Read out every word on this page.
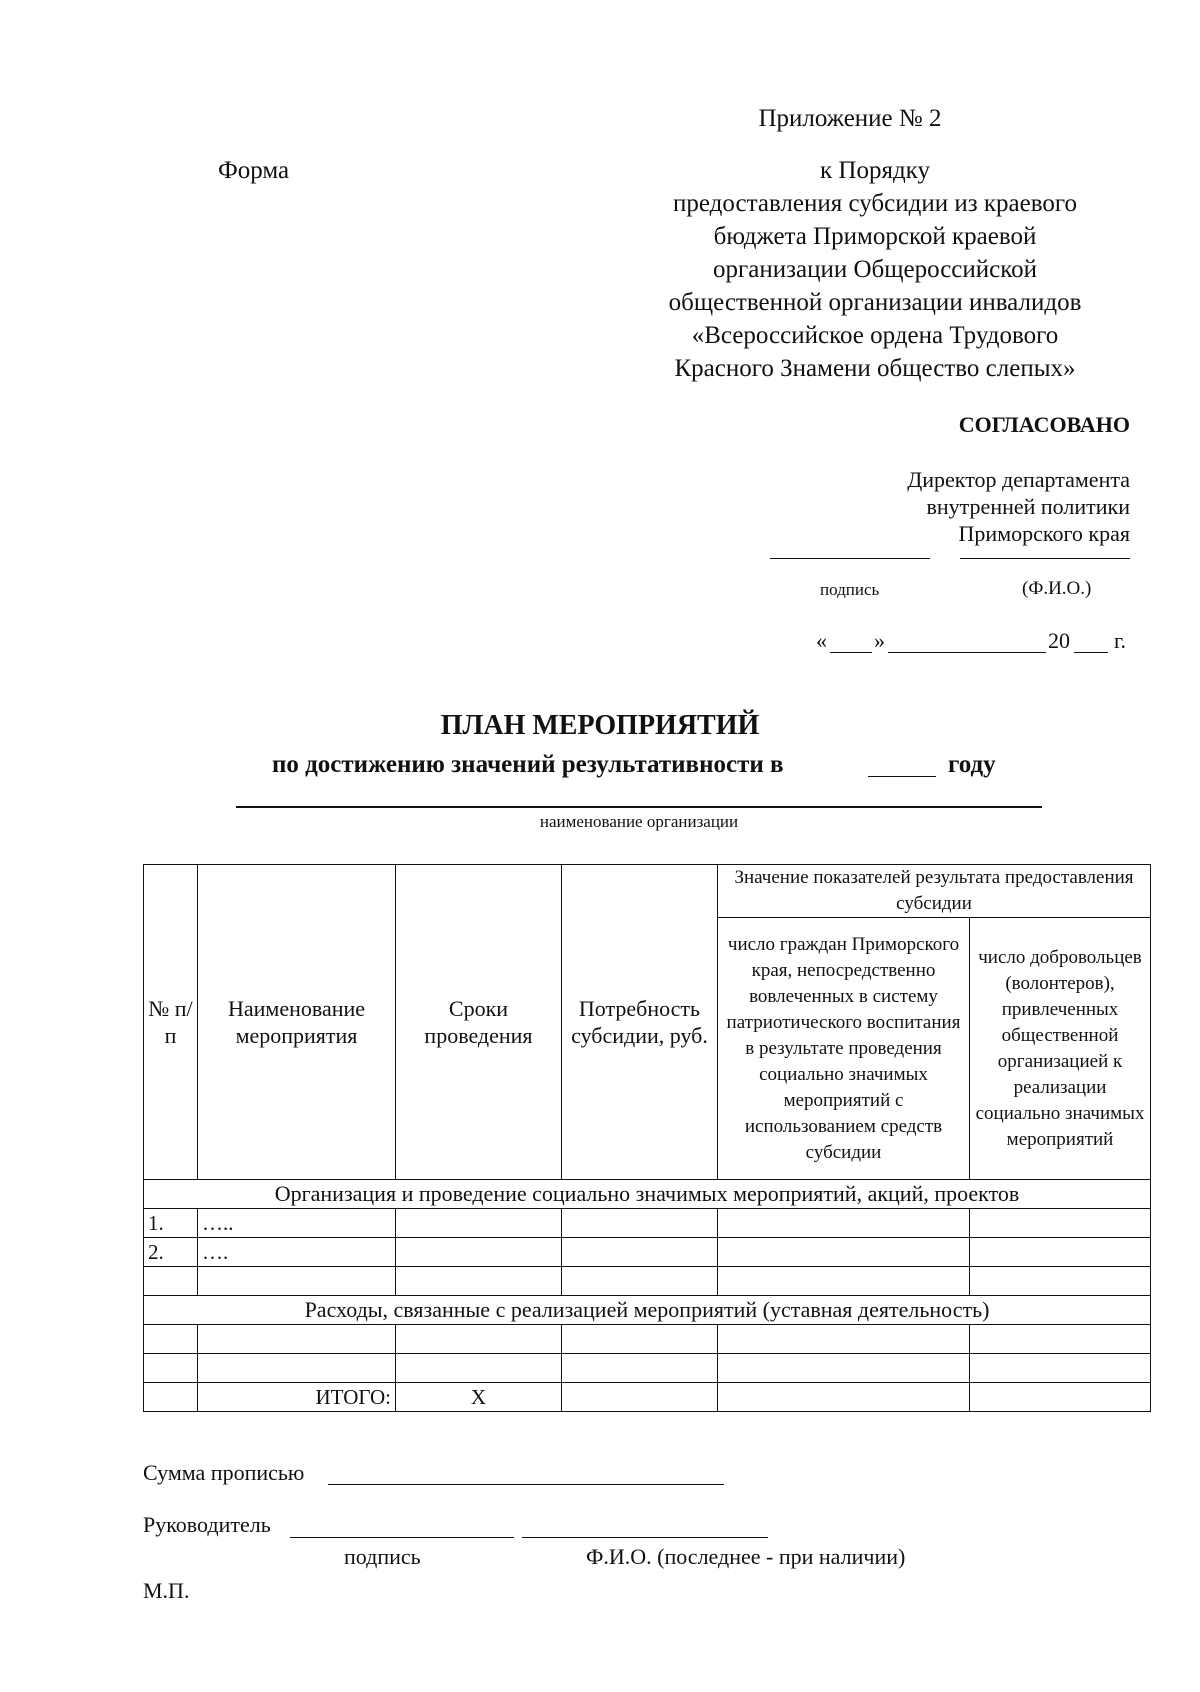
Приложение № 2
Форма	к Порядку
предоставления субсидии из краевого
бюджета Приморской краевой
организации Общероссийской
общественной организации инвалидов
«Всероссийское ордена Трудового
Красного Знамени общество слепых»
СОГЛАСОВАНО
Директор департамента
внутренней политики
Приморского края
подпись	(Ф.И.О.)
« »	20 г.
ПЛАН МЕРОПРИЯТИЙ
по достижению значений результативности в	году
наименование организации
№ п/п	Наименование мероприятия	Сроки проведения	Потребность субсидии, руб.	Значение показателей результата предоставления субсидии	
				число граждан Приморского края, непосредственно вовлеченных в систему патриотического воспитания в результате проведения социально значимых мероприятий с использованием средств субсидии	число добровольцев (волонтеров), привлеченных общественной организацией к реализации социально значимых мероприятий
Организация и проведение социально значимых мероприятий, акций, проектов					
1.	…..				
2.	….				

Расходы, связанные с реализацией мероприятий (уставная деятельность)					

	ИТОГО:	X			
Сумма прописью
Руководитель
подпись	Ф.И.О. (последнее - при наличии)
М.П.
